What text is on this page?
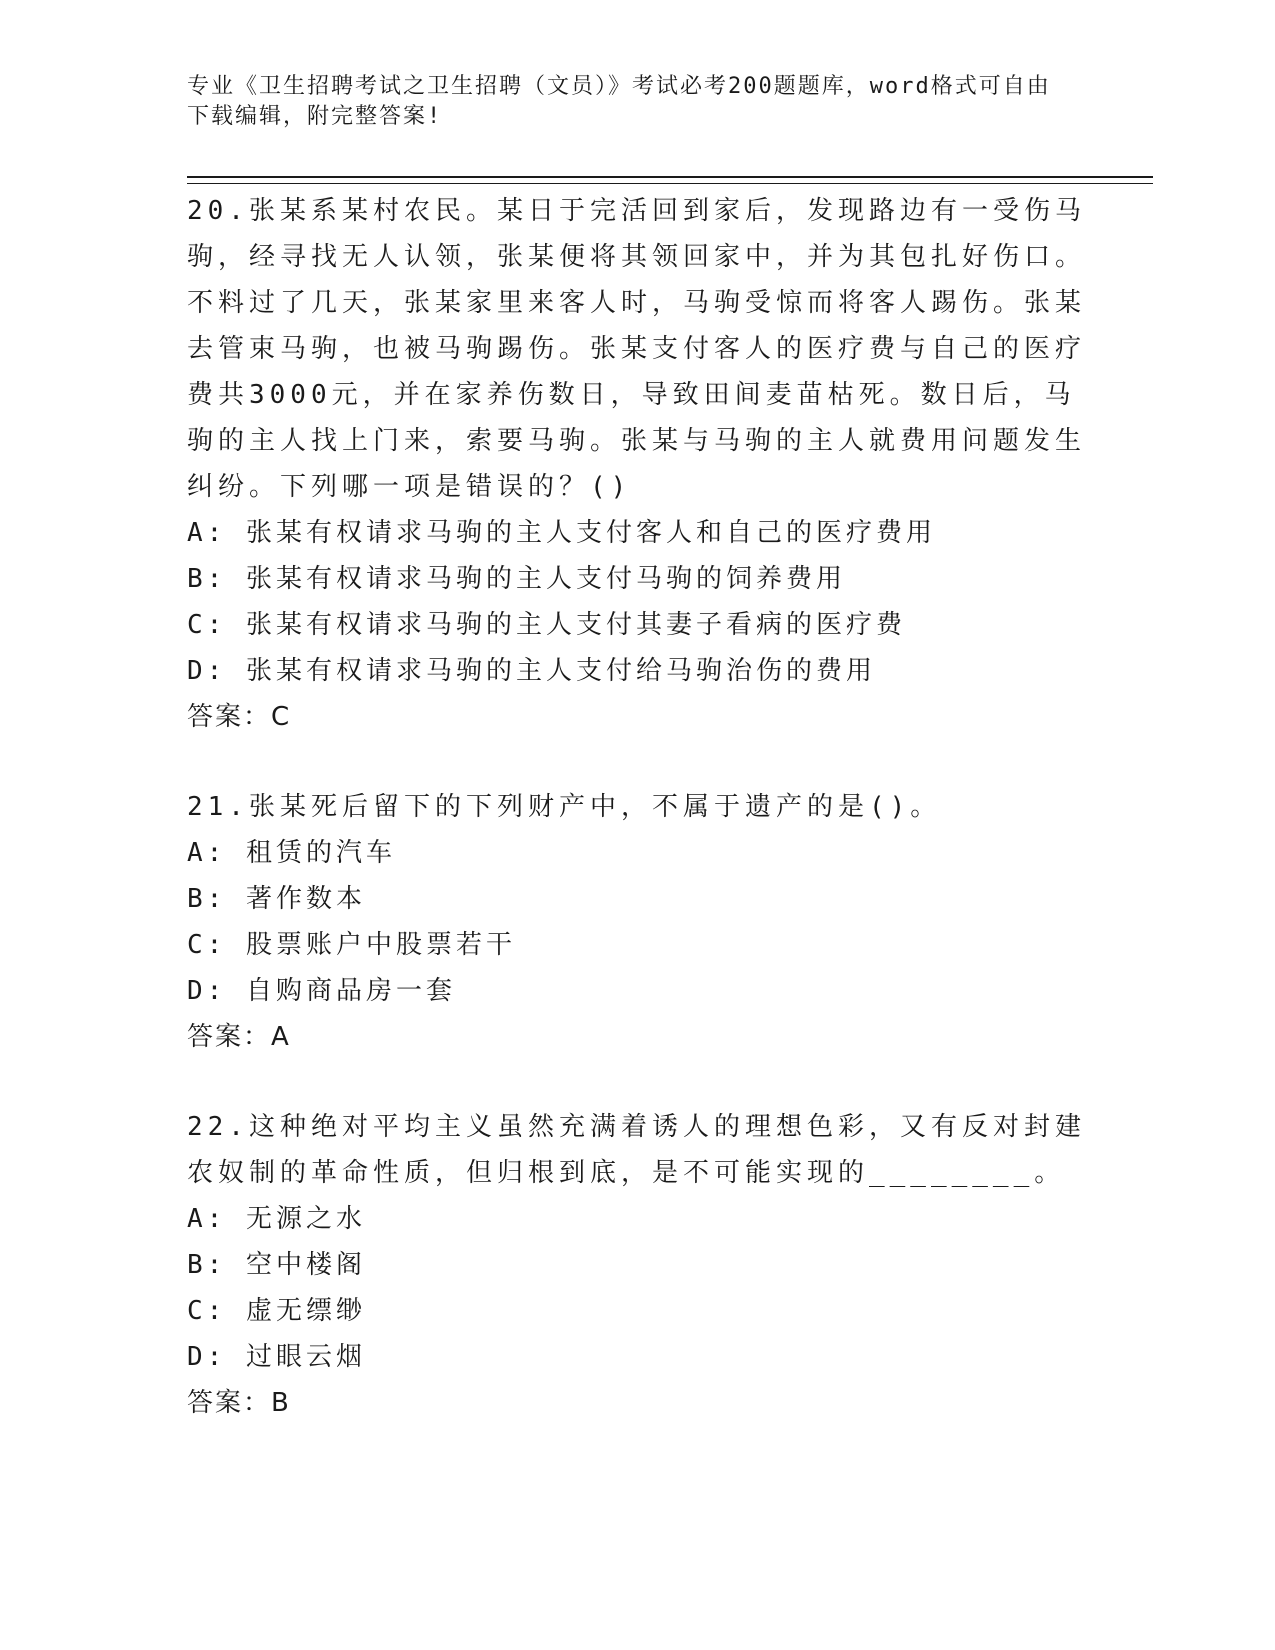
专业《卫生招聘考试之卫生招聘（文员）》考试必考200题题库，word格式可自由下载编辑，附完整答案!

20.张某系某村农民。某日于完活回到家后，发现路边有一受伤马驹，经寻找无人认领，张某便将其领回家中，并为其包扎好伤口。不料过了几天，张某家里来客人时，马驹受惊而将客人踢伤。张某去管束马驹，也被马驹踢伤。张某支付客人的医疗费与自己的医疗费共3000元，并在家养伤数日，导致田间麦苗枯死。数日后，马驹的主人找上门来，索要马驹。张某与马驹的主人就费用问题发生纠纷。下列哪一项是错误的？()

A: 张某有权请求马驹的主人支付客人和自己的医疗费用

B: 张某有权请求马驹的主人支付马驹的饲养费用

C: 张某有权请求马驹的主人支付其妻子看病的医疗费

D: 张某有权请求马驹的主人支付给马驹治伤的费用

答案：C

21.张某死后留下的下列财产中，不属于遗产的是()。

A: 租赁的汽车

B: 著作数本

C: 股票账户中股票若干

D: 自购商品房一套

答案：A

22.这种绝对平均主义虽然充满着诱人的理想色彩，又有反对封建农奴制的革命性质，但归根到底，是不可能实现的________。

A: 无源之水

B: 空中楼阁

C: 虚无缥缈

D: 过眼云烟

答案：B
